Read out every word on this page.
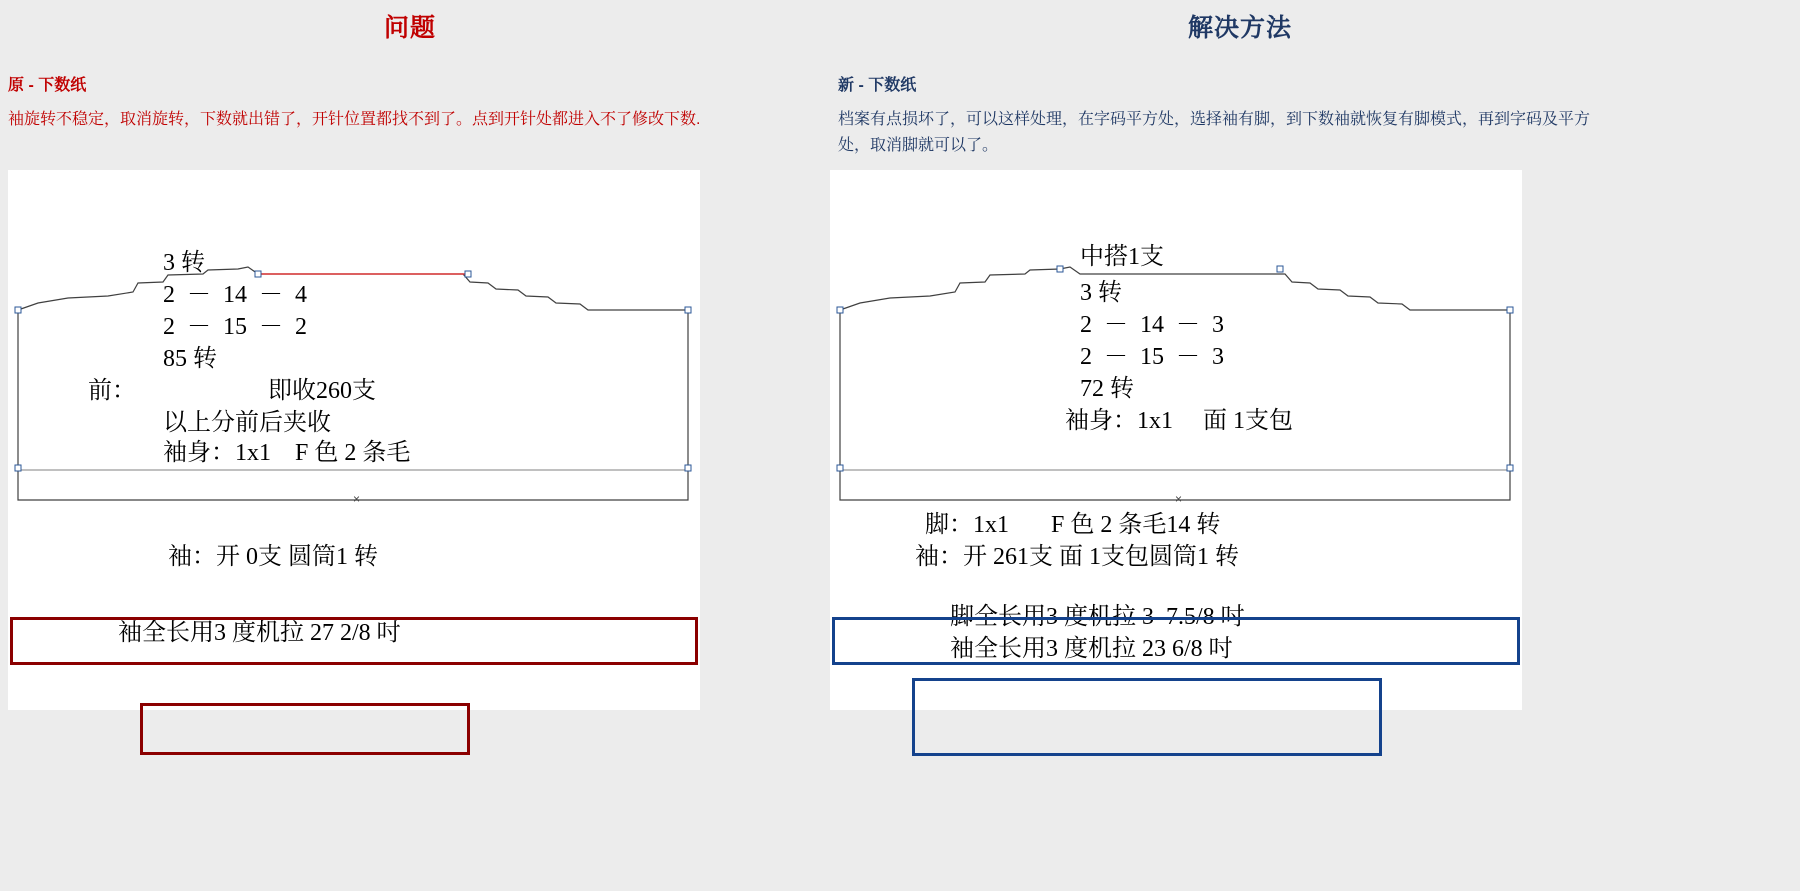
问题
原 - 下数纸
袖旋转不稳定，取消旋转，下数就出错了，开针位置都找不到了。点到开针处都进入不了修改下数.
×
3 转
2  －  14  －  4
2  －  15  －  2
85 转
前：                      即收260支
以上分前后夹收
袖身：1x1    F 色 2 条毛
袖：开 0支 圆筒1 转
袖全长用3 度机拉 27 2/8 吋
解决方法
新 - 下数纸
档案有点损坏了，可以这样处理，在字码平方处，选择袖有脚，到下数袖就恢复有脚模式，再到字码及平方处，取消脚就可以了。
×
中搭1支
3 转
2  －  14  －  3
2  －  15  －  3
72 转
袖身：1x1     面 1支包
脚：1x1       F 色 2 条毛14 转
袖：开 261支 面 1支包圆筒1 转
脚全长用3 度机拉 3  7.5/8 吋
袖全长用3 度机拉 23 6/8 吋
